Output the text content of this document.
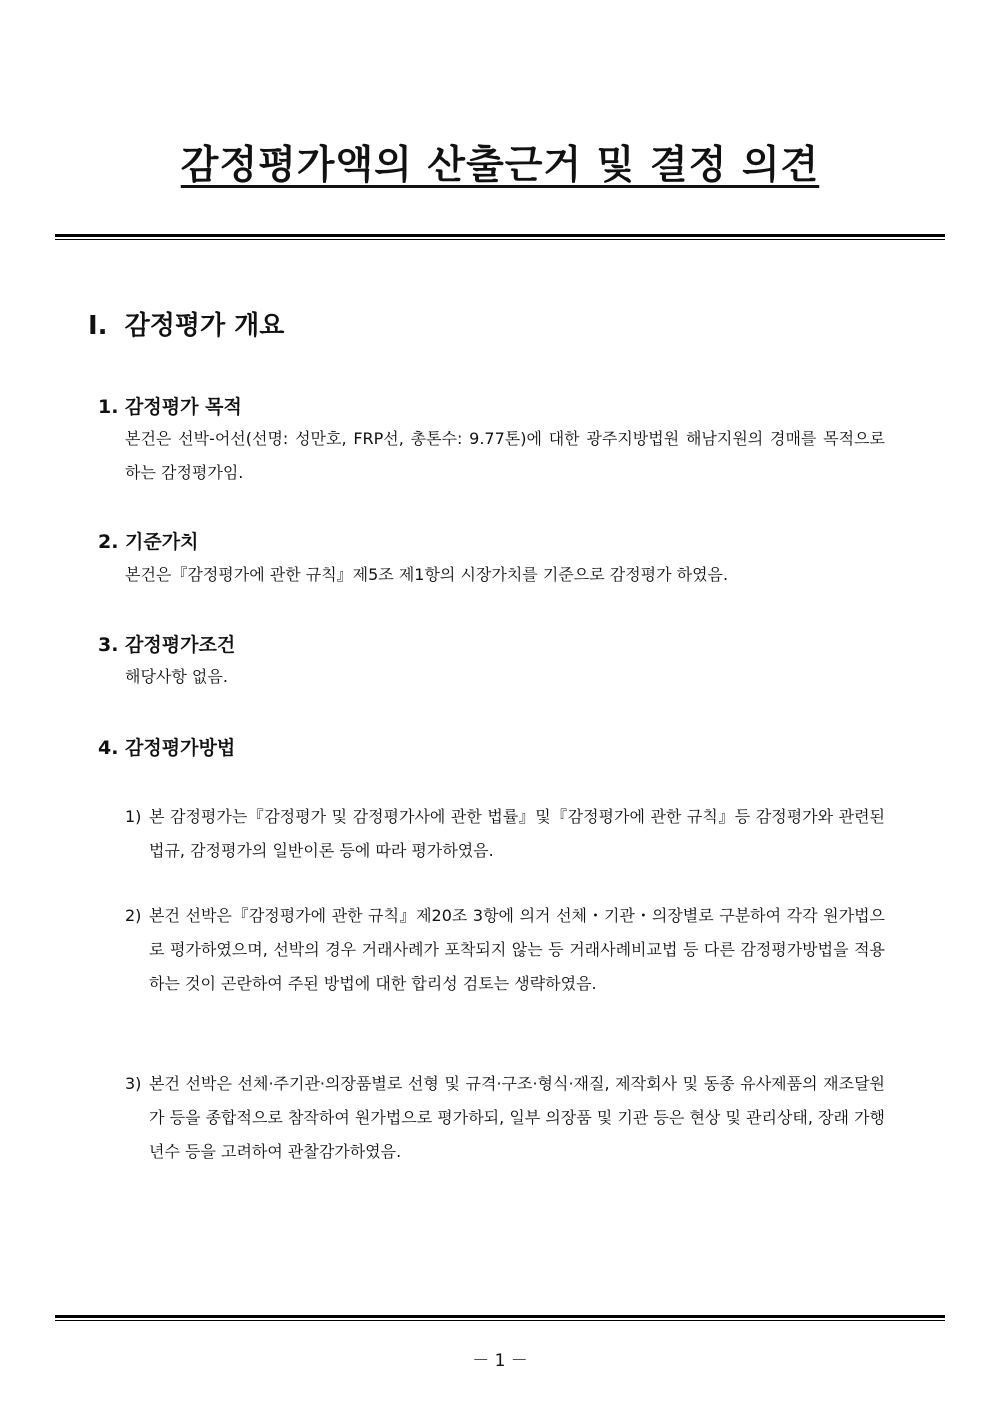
감정평가액의 산출근거 및 결정 의견
Ⅰ. 감정평가 개요
1. 감정평가 목적

본건은 선박-어선(선명: 성만호, FRP선, 총톤수: 9.77톤)에 대한 광주지방법원 해남지원의 경매를 목적으로 하는 감정평가임.

2. 기준가치

본건은『감정평가에 관한 규칙』제5조 제1항의 시장가치를 기준으로 감정평가 하였음.

3. 감정평가조건

해당사항 없음.

4. 감정평가방법
1) 본 감정평가는『감정평가 및 감정평가사에 관한 법률』및『감정평가에 관한 규칙』등 감정평가와 관련된 법규, 감정평가의 일반이론 등에 따라 평가하였음.
2) 본건 선박은『감정평가에 관한 규칙』제20조 3항에 의거 선체・기관・의장별로 구분하여 각각 원가법으로 평가하였으며, 선박의 경우 거래사례가 포착되지 않는 등 거래사례비교법 등 다른 감정평가방법을 적용하는 것이 곤란하여 주된 방법에 대한 합리성 검토는 생략하였음.
3) 본건 선박은 선체·주기관·의장품별로 선형 및 규격·구조·형식·재질, 제작회사 및 동종 유사제품의 재조달원가 등을 종합적으로 참작하여 원가법으로 평가하되, 일부 의장품 및 기관 등은 현상 및 관리상태, 장래 가행 년수 등을 고려하여 관찰감가하였음.
－ 1 －
